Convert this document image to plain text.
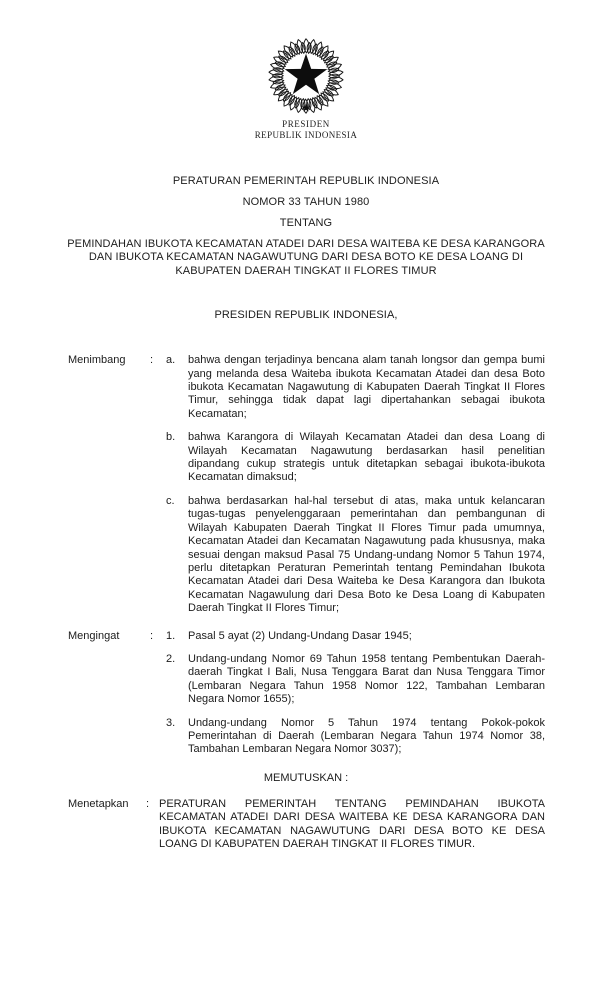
PRESIDEN
REPUBLIK INDONESIA
PERATURAN PEMERINTAH REPUBLIK INDONESIA
NOMOR 33 TAHUN 1980
TENTANG
PEMINDAHAN IBUKOTA KECAMATAN ATADEI DARI DESA WAITEBA KE DESA KARANGORA DAN IBUKOTA KECAMATAN NAGAWUTUNG DARI DESA BOTO KE DESA LOANG DI KABUPATEN DAERAH TINGKAT II FLORES TIMUR
PRESIDEN REPUBLIK INDONESIA,
Menimbang	:	a.	bahwa dengan terjadinya bencana alam tanah longsor dan gempa bumi yang melanda desa Waiteba ibukota Kecamatan Atadei dan desa Boto ibukota Kecamatan Nagawutung di Kabupaten Daerah Tingkat II Flores Timur, sehingga tidak dapat lagi dipertahankan sebagai ibukota Kecamatan;
b.	bahwa Karangora di Wilayah Kecamatan Atadei dan desa Loang di Wilayah Kecamatan Nagawutung berdasarkan hasil penelitian dipandang cukup strategis untuk ditetapkan sebagai ibukota-ibukota Kecamatan dimaksud;
c.	bahwa berdasarkan hal-hal tersebut di atas, maka untuk kelancaran tugas-tugas penyelenggaraan pemerintahan dan pembangunan di Wilayah Kabupaten Daerah Tingkat II Flores Timur pada umumnya, Kecamatan Atadei dan Kecamatan Nagawutung pada khususnya, maka sesuai dengan maksud Pasal 75 Undang-undang Nomor 5 Tahun 1974, perlu ditetapkan Peraturan Pemerintah tentang Pemindahan Ibukota Kecamatan Atadei dari Desa Waiteba ke Desa Karangora dan Ibukota Kecamatan Nagawulung dari Desa Boto ke Desa Loang di Kabupaten Daerah Tingkat II Flores Timur;
Mengingat	:	1.	Pasal 5 ayat (2) Undang-Undang Dasar 1945;
2.	Undang-undang Nomor 69 Tahun 1958 tentang Pembentukan Daerah-daerah Tingkat I Bali, Nusa Tenggara Barat dan Nusa Tenggara Timor (Lembaran Negara Tahun 1958 Nomor 122, Tambahan Lembaran Negara Nomor 1655);
3.	Undang-undang Nomor 5 Tahun 1974 tentang Pokok-pokok Pemerintahan di Daerah (Lembaran Negara Tahun 1974 Nomor 38, Tambahan Lembaran Negara Nomor 3037);
MEMUTUSKAN :
Menetapkan	: PERATURAN PEMERINTAH TENTANG PEMINDAHAN IBUKOTA KECAMATAN ATADEI DARI DESA WAITEBA KE DESA KARANGORA DAN IBUKOTA KECAMATAN NAGAWUTUNG DARI DESA BOTO KE DESA LOANG DI KABUPATEN DAERAH TINGKAT II FLORES TIMUR.
